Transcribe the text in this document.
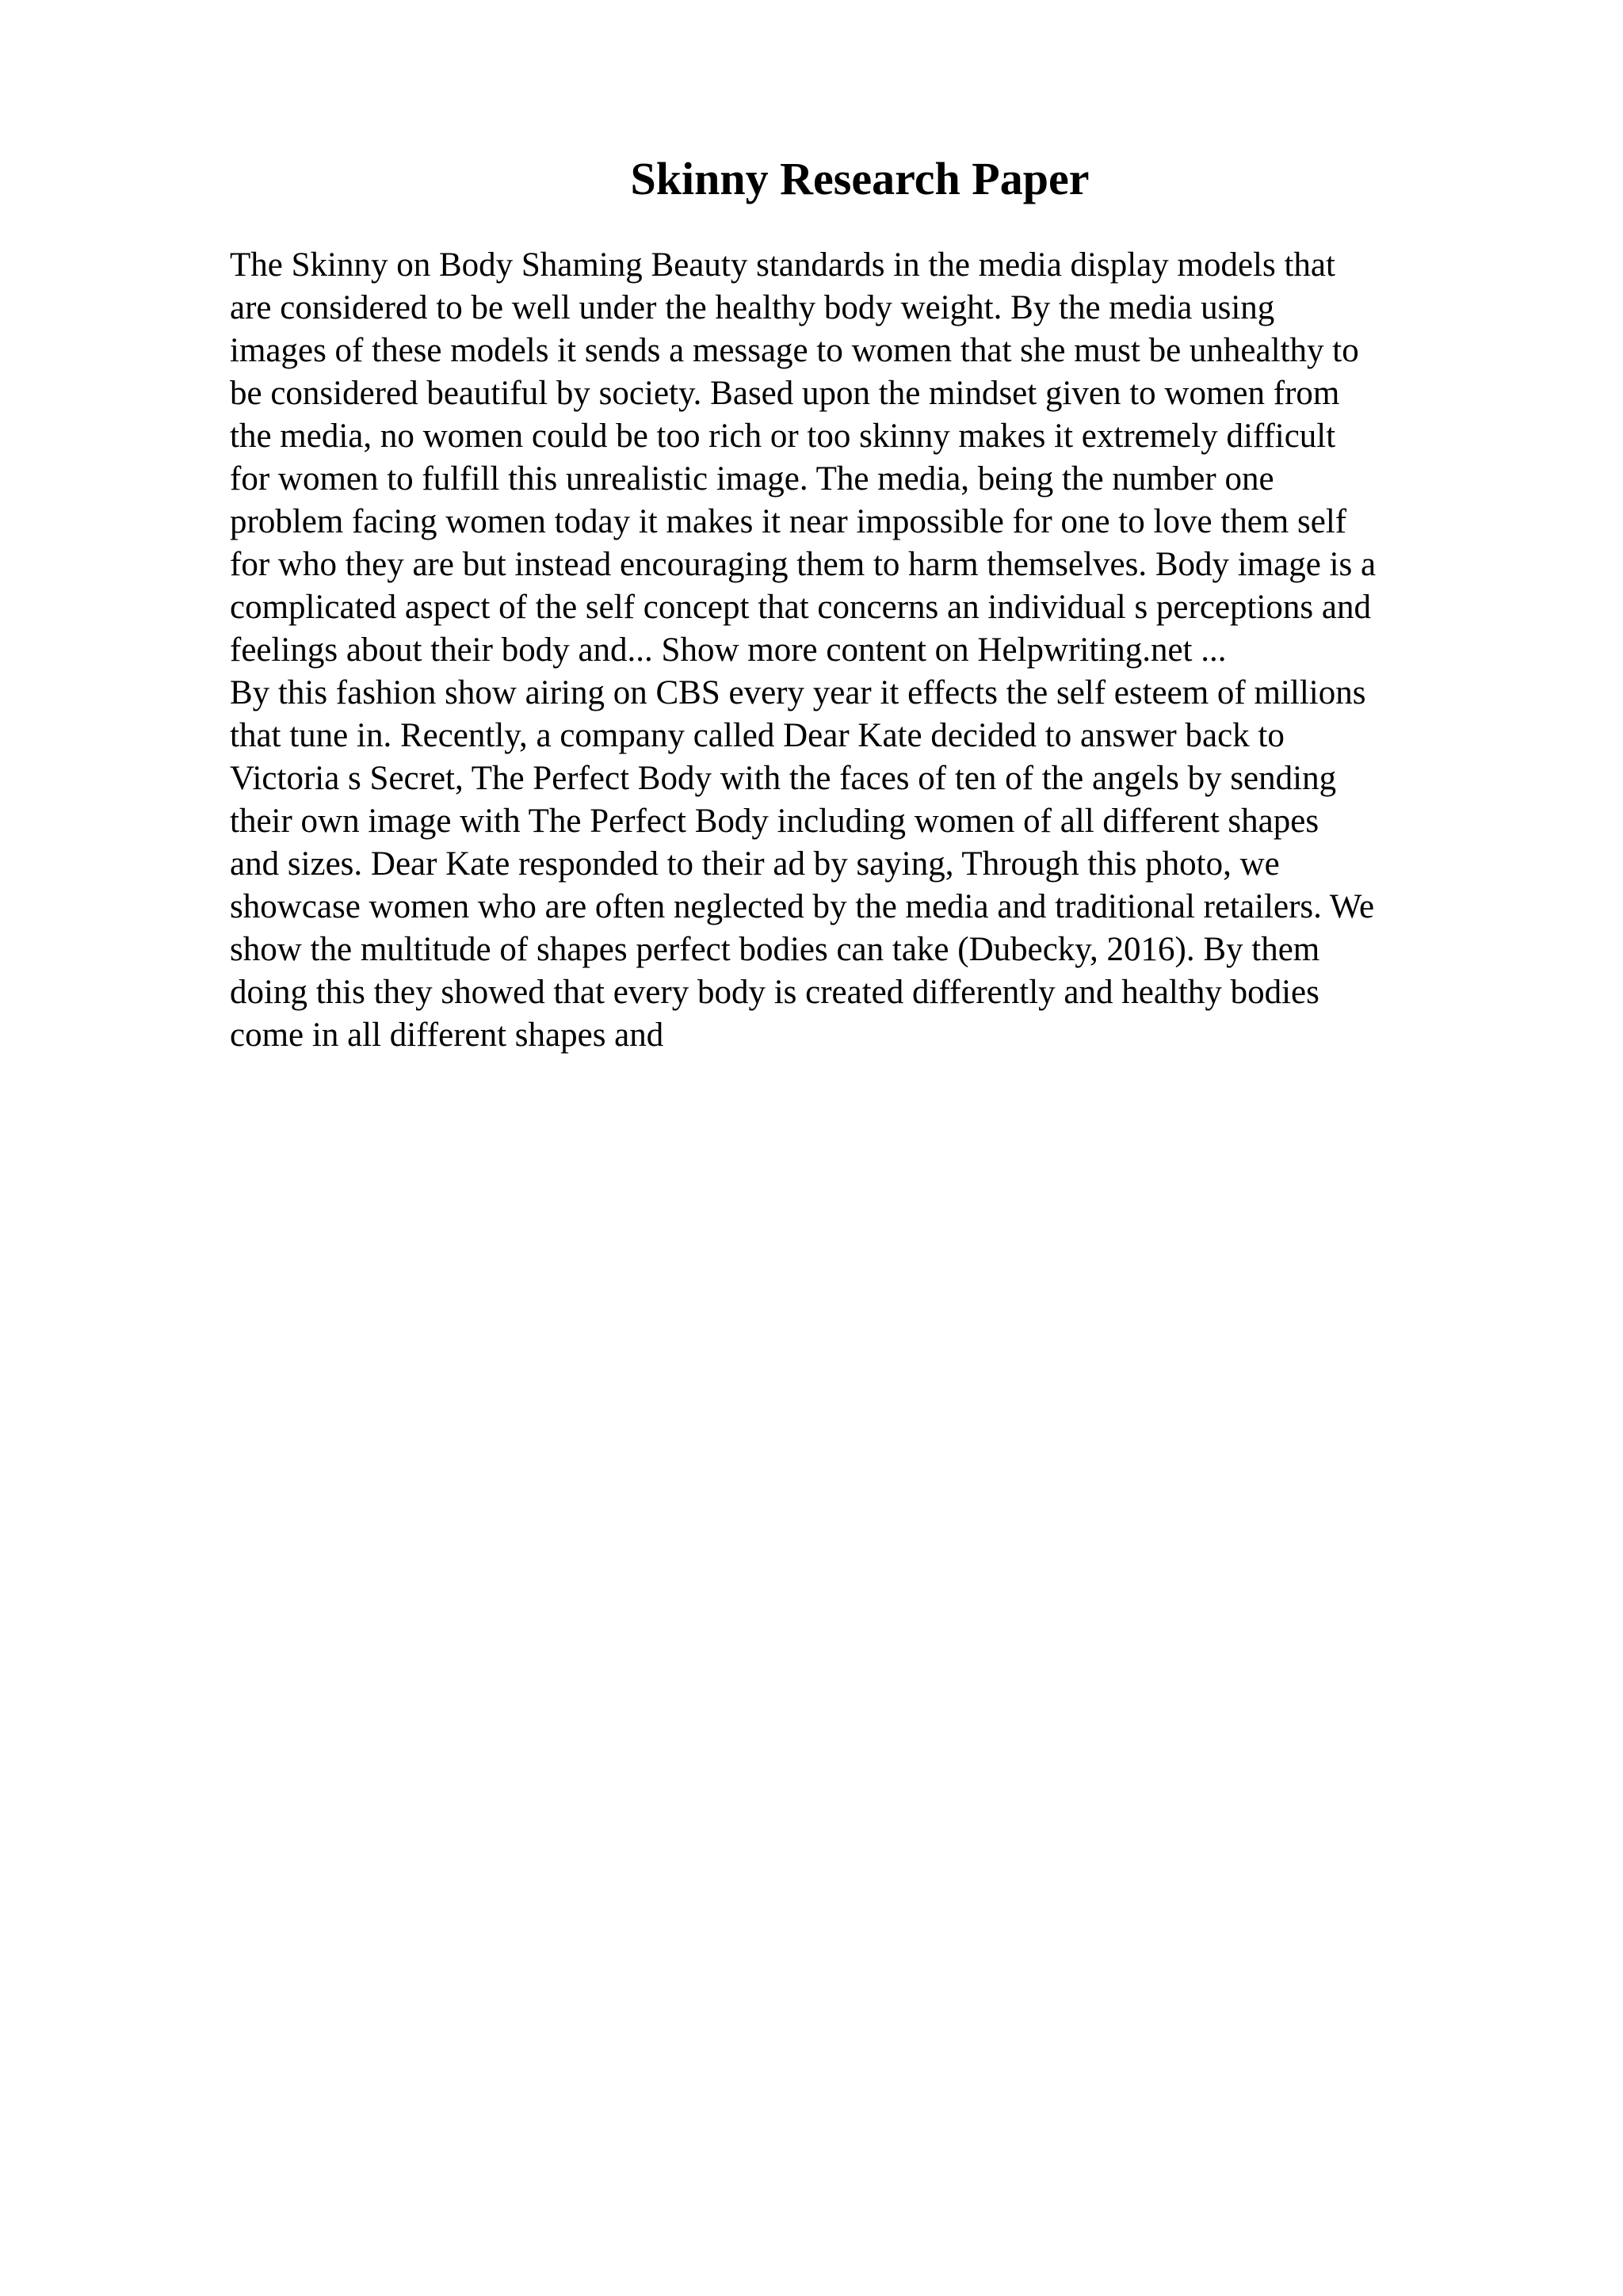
Skinny Research Paper
The Skinny on Body Shaming Beauty standards in the media display models that
are considered to be well under the healthy body weight. By the media using
images of these models it sends a message to women that she must be unhealthy to
be considered beautiful by society. Based upon the mindset given to women from
the media, no women could be too rich or too skinny makes it extremely difficult
for women to fulfill this unrealistic image. The media, being the number one
problem facing women today it makes it near impossible for one to love them self
for who they are but instead encouraging them to harm themselves. Body image is a
complicated aspect of the self concept that concerns an individual s perceptions and
feelings about their body and... Show more content on Helpwriting.net ...
By this fashion show airing on CBS every year it effects the self esteem of millions
that tune in. Recently, a company called Dear Kate decided to answer back to
Victoria s Secret, The Perfect Body with the faces of ten of the angels by sending
their own image with The Perfect Body including women of all different shapes
and sizes. Dear Kate responded to their ad by saying, Through this photo, we
showcase women who are often neglected by the media and traditional retailers. We
show the multitude of shapes perfect bodies can take (Dubecky, 2016). By them
doing this they showed that every body is created differently and healthy bodies
come in all different shapes and
